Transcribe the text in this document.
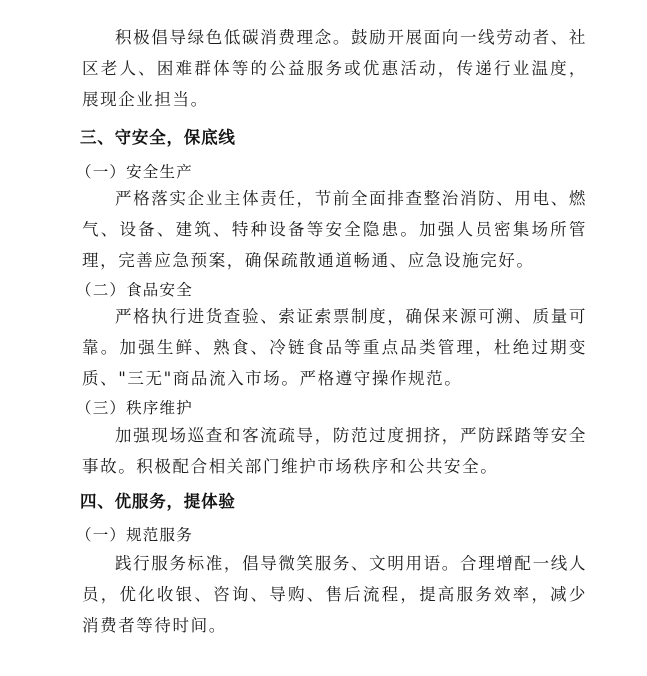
积极倡导绿色低碳消费理念。鼓励开展面向一线劳动者、社区老人、困难群体等的公益服务或优惠活动，传递行业温度，展现企业担当。

三、守安全，保底线
（一）安全生产

严格落实企业主体责任，节前全面排查整治消防、用电、燃气、设备、建筑、特种设备等安全隐患。加强人员密集场所管理，完善应急预案，确保疏散通道畅通、应急设施完好。

（二）食品安全

严格执行进货查验、索证索票制度，确保来源可溯、质量可靠。加强生鲜、熟食、冷链食品等重点品类管理，杜绝过期变质、"三无"商品流入市场。严格遵守操作规范。

（三）秩序维护

加强现场巡查和客流疏导，防范过度拥挤，严防踩踏等安全事故。积极配合相关部门维护市场秩序和公共安全。

四、优服务，提体验
（一）规范服务

践行服务标准，倡导微笑服务、文明用语。合理增配一线人员，优化收银、咨询、导购、售后流程，提高服务效率，减少消费者等待时间。
